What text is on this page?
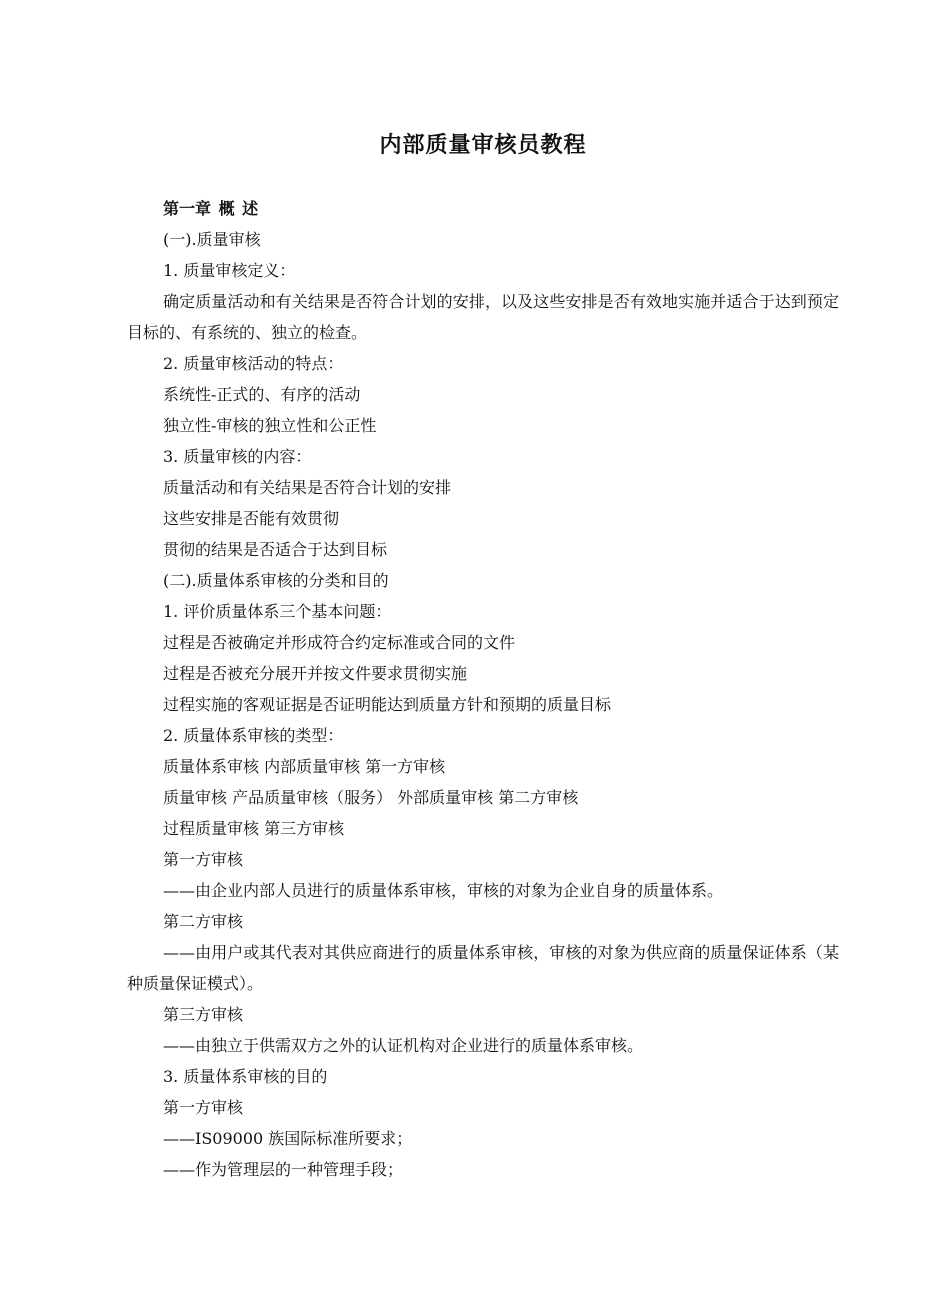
内部质量审核员教程

第一章 概 述

(一).质量审核

1. 质量审核定义：

确定质量活动和有关结果是否符合计划的安排，以及这些安排是否有效地实施并适合于达到预定目标的、有系统的、独立的检查。

2. 质量审核活动的特点：

系统性-正式的、有序的活动

独立性-审核的独立性和公正性

3. 质量审核的内容：

质量活动和有关结果是否符合计划的安排

这些安排是否能有效贯彻

贯彻的结果是否适合于达到目标

(二).质量体系审核的分类和目的

1. 评价质量体系三个基本问题：

过程是否被确定并形成符合约定标准或合同的文件

过程是否被充分展开并按文件要求贯彻实施

过程实施的客观证据是否证明能达到质量方针和预期的质量目标

2. 质量体系审核的类型：

质量体系审核 内部质量审核 第一方审核

质量审核 产品质量审核（服务） 外部质量审核 第二方审核

过程质量审核 第三方审核

第一方审核

——由企业内部人员进行的质量体系审核，审核的对象为企业自身的质量体系。

第二方审核

——由用户或其代表对其供应商进行的质量体系审核，审核的对象为供应商的质量保证体系（某种质量保证模式）。

第三方审核

——由独立于供需双方之外的认证机构对企业进行的质量体系审核。

3. 质量体系审核的目的

第一方审核

——IS09000 族国际标准所要求；

——作为管理层的一种管理手段；
